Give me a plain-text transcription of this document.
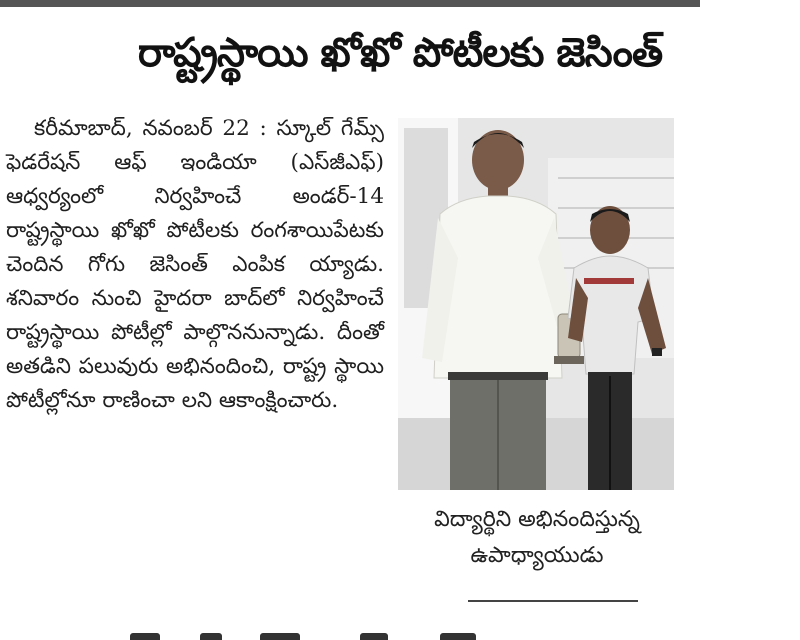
రాష్ట్రస్థాయి ఖోఖో పోటీలకు జెసింత్

కరీమాబాద్, నవంబర్ 22 : స్కూల్ గేమ్స్ ఫెడరేషన్ ఆఫ్ ఇండియా (ఎస్‌జీఎఫ్) ఆధ్వర్యంలో నిర్వహించే అండర్-14 రాష్ట్రస్థాయి ఖోఖో పోటీలకు రంగశాయిపేటకు చెందిన గోగు జెసింత్ ఎంపిక య్యాడు. శనివారం నుంచి హైదరా బాద్‌లో నిర్వహించే రాష్ట్రస్థాయి పోటీల్లో పాల్గొననున్నాడు. దీంతో అతడిని పలువురు అభినందించి, రాష్ట్ర స్థాయి పోటీల్లోనూ రాణించా లని ఆకాంక్షించారు.

విద్యార్థిని అభినందిస్తున్న
ఉపాధ్యాయుడు
